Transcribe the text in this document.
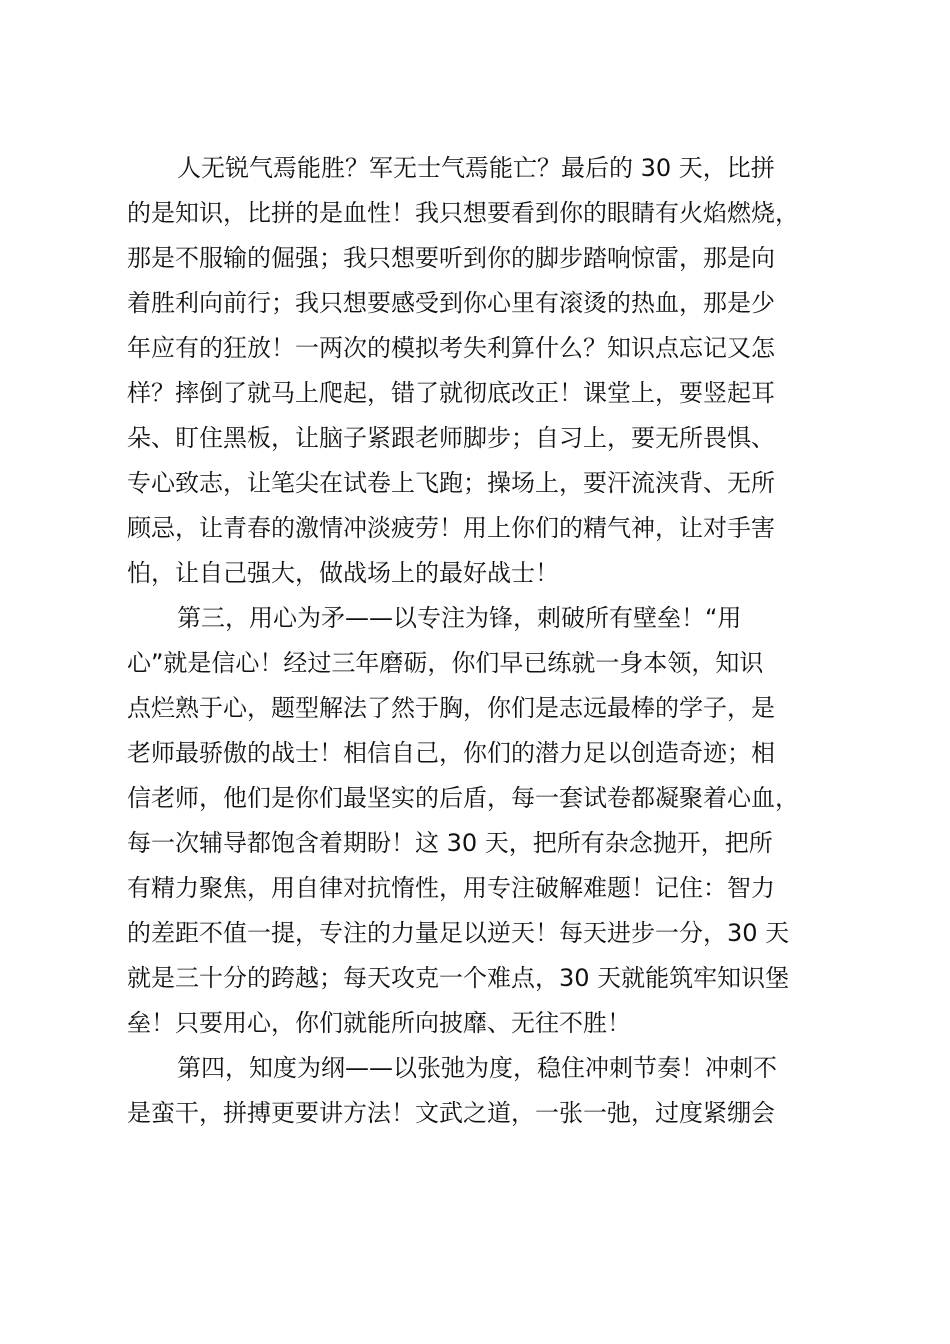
人无锐气焉能胜？军无士气焉能亡？最后的 30 天，比拼
的是知识，比拼的是血性！我只想要看到你的眼睛有火焰燃烧，
那是不服输的倔强；我只想要听到你的脚步踏响惊雷，那是向
着胜利向前行；我只想要感受到你心里有滚烫的热血，那是少
年应有的狂放！一两次的模拟考失利算什么？知识点忘记又怎
样？摔倒了就马上爬起，错了就彻底改正！课堂上，要竖起耳
朵、盯住黑板，让脑子紧跟老师脚步；自习上，要无所畏惧、
专心致志，让笔尖在试卷上飞跑；操场上，要汗流浃背、无所
顾忌，让青春的激情冲淡疲劳！用上你们的精气神，让对手害
怕，让自己强大，做战场上的最好战士！
第三，用心为矛——以专注为锋，刺破所有壁垒！“用
心”就是信心！经过三年磨砺，你们早已练就一身本领，知识
点烂熟于心，题型解法了然于胸，你们是志远最棒的学子，是
老师最骄傲的战士！相信自己，你们的潜力足以创造奇迹；相
信老师，他们是你们最坚实的后盾，每一套试卷都凝聚着心血，
每一次辅导都饱含着期盼！这 30 天，把所有杂念抛开，把所
有精力聚焦，用自律对抗惰性，用专注破解难题！记住：智力
的差距不值一提，专注的力量足以逆天！每天进步一分，30 天
就是三十分的跨越；每天攻克一个难点，30 天就能筑牢知识堡
垒！只要用心，你们就能所向披靡、无往不胜！
第四，知度为纲——以张弛为度，稳住冲刺节奏！冲刺不
是蛮干，拼搏更要讲方法！文武之道，一张一弛，过度紧绷会
